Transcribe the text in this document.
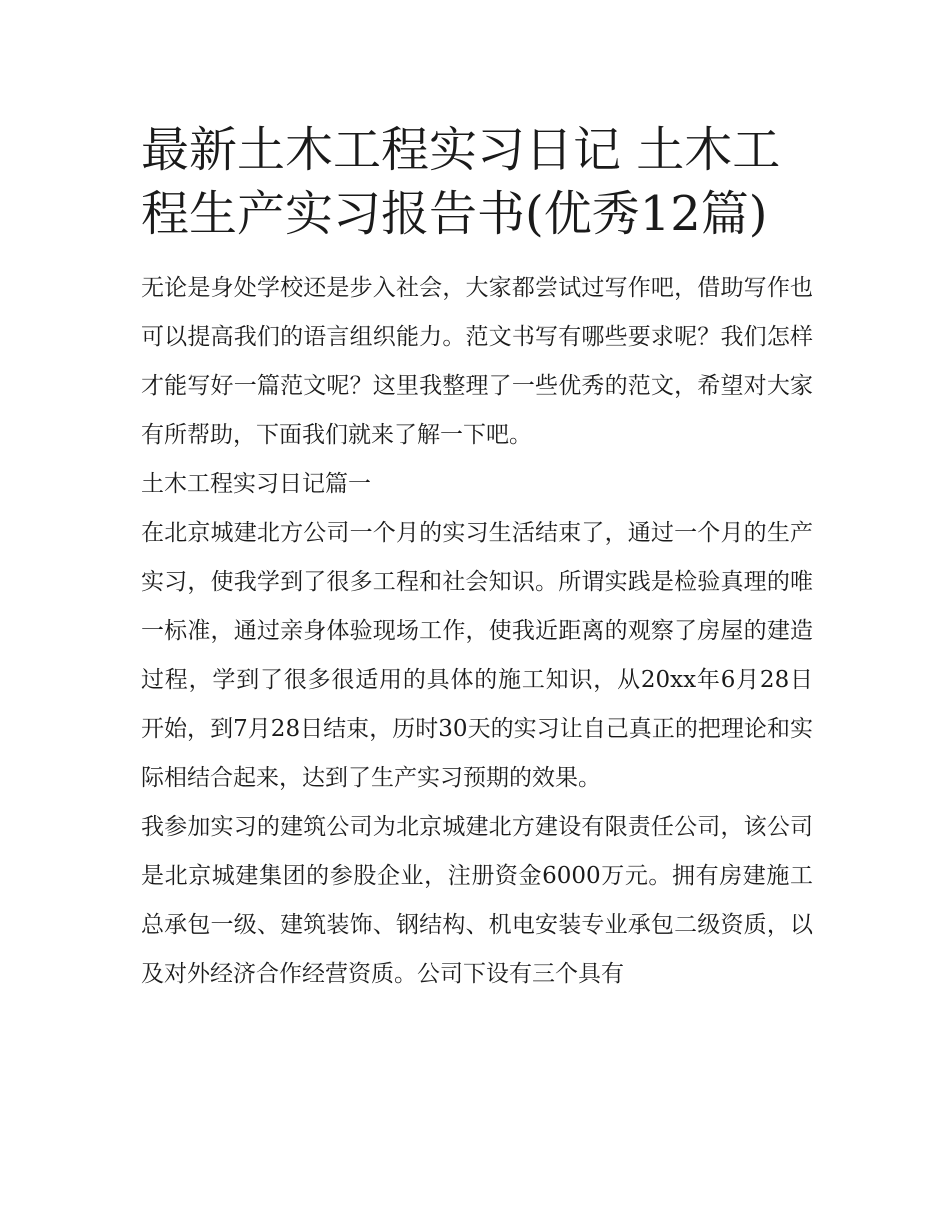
最新土木工程实习日记 土木工程生产实习报告书(优秀12篇)

无论是身处学校还是步入社会，大家都尝试过写作吧，借助写作也可以提高我们的语言组织能力。范文书写有哪些要求呢？我们怎样才能写好一篇范文呢？这里我整理了一些优秀的范文，希望对大家有所帮助，下面我们就来了解一下吧。

土木工程实习日记篇一

在北京城建北方公司一个月的实习生活结束了，通过一个月的生产实习，使我学到了很多工程和社会知识。所谓实践是检验真理的唯一标准，通过亲身体验现场工作，使我近距离的观察了房屋的建造过程，学到了很多很适用的具体的施工知识，从20xx年6月28日开始，到7月28日结束，历时30天的实习让自己真正的把理论和实际相结合起来，达到了生产实习预期的效果。

我参加实习的建筑公司为北京城建北方建设有限责任公司，该公司是北京城建集团的参股企业，注册资金6000万元。拥有房建施工总承包一级、建筑装饰、钢结构、机电安装专业承包二级资质，以及对外经济合作经营资质。公司下设有三个具有
